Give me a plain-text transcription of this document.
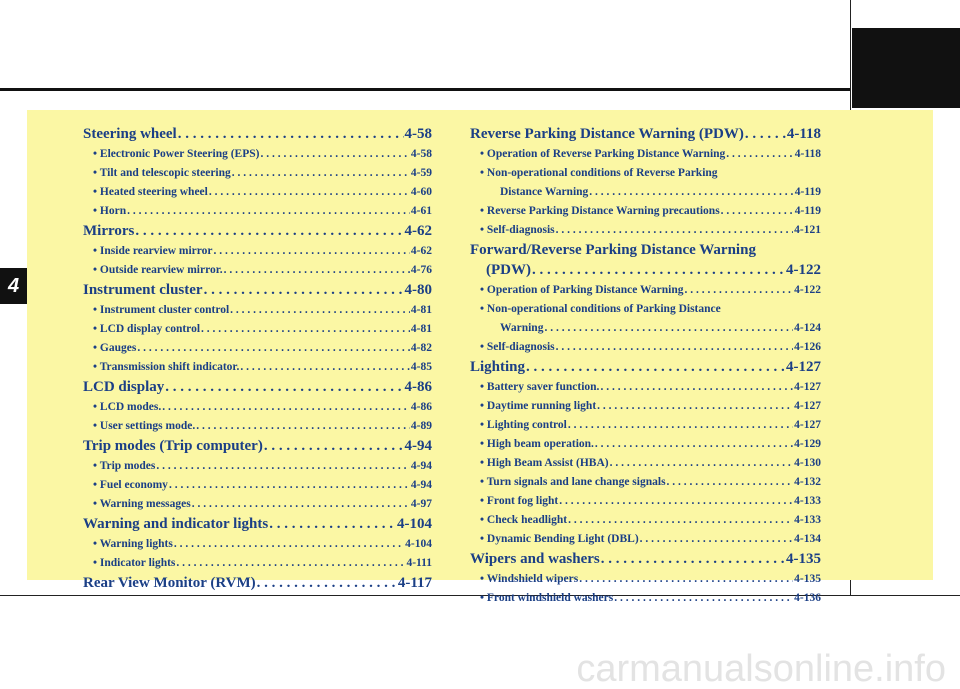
4
Steering wheel . . .	4-58
• Electronic Power Steering (EPS) . . .	4-58
• Tilt and telescopic steering . . .	4-59
• Heated steering wheel . . .	4-60
• Horn . . .	4-61
Mirrors . . .	4-62
• Inside rearview mirror . . .	4-62
• Outside rearview mirror. . . .	4-76
Instrument cluster . . .	4-80
• Instrument cluster control . . .	4-81
• LCD display control . . .	4-81
• Gauges . . .	4-82
• Transmission shift indicator. . . .	4-85
LCD display . . .	4-86
• LCD modes. . . .	4-86
• User settings mode. . . .	4-89
Trip modes (Trip computer) . . .	4-94
• Trip modes . . .	4-94
• Fuel economy . . .	4-94
• Warning messages . . .	4-97
Warning and indicator lights . . .	4-104
• Warning lights . . .	4-104
• Indicator lights . . .	4-111
Rear View Monitor (RVM) . . .	4-117
Reverse Parking Distance Warning (PDW) . . .	4-118
• Operation of Reverse Parking Distance Warning . . .	4-118
• Non-operational conditions of Reverse Parking
Distance Warning . . .	4-119
• Reverse Parking Distance Warning precautions . . .	4-119
• Self-diagnosis . . .	4-121
Forward/Reverse Parking Distance Warning
(PDW) . . .	4-122
• Operation of Parking Distance Warning . . .	4-122
• Non-operational conditions of Parking Distance
Warning . . .	4-124
• Self-diagnosis . . .	4-126
Lighting . . .	4-127
• Battery saver function. . . .	4-127
• Daytime running light . . .	4-127
• Lighting control . . .	4-127
• High beam operation. . . .	4-129
• High Beam Assist (HBA) . . .	4-130
• Turn signals and lane change signals . . .	4-132
• Front fog light . . .	4-133
• Check headlight . . .	4-133
• Dynamic Bending Light (DBL) . . .	4-134
Wipers and washers . . .	4-135
• Windshield wipers . . .	4-135
• Front windshield washers . . .	4-136
carmanualsonline.info
